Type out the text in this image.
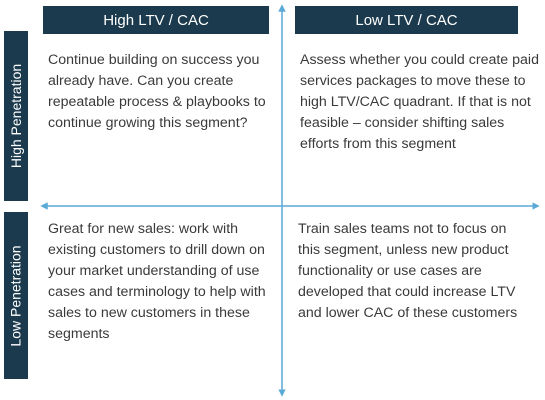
High LTV / CAC	Low LTV / CAC
High Penetration
Low Penetration

Continue building on success you already have. Can you create repeatable process & playbooks to continue growing this segment?

Assess whether you could create paid services packages to move these to high LTV/CAC quadrant. If that is not feasible – consider shifting sales efforts from this segment

Great for new sales: work with existing customers to drill down on your market understanding of use cases and terminology to help with sales to new customers in these segments

Train sales teams not to focus on this segment, unless new product functionality or use cases are developed that could increase LTV and lower CAC of these customers
